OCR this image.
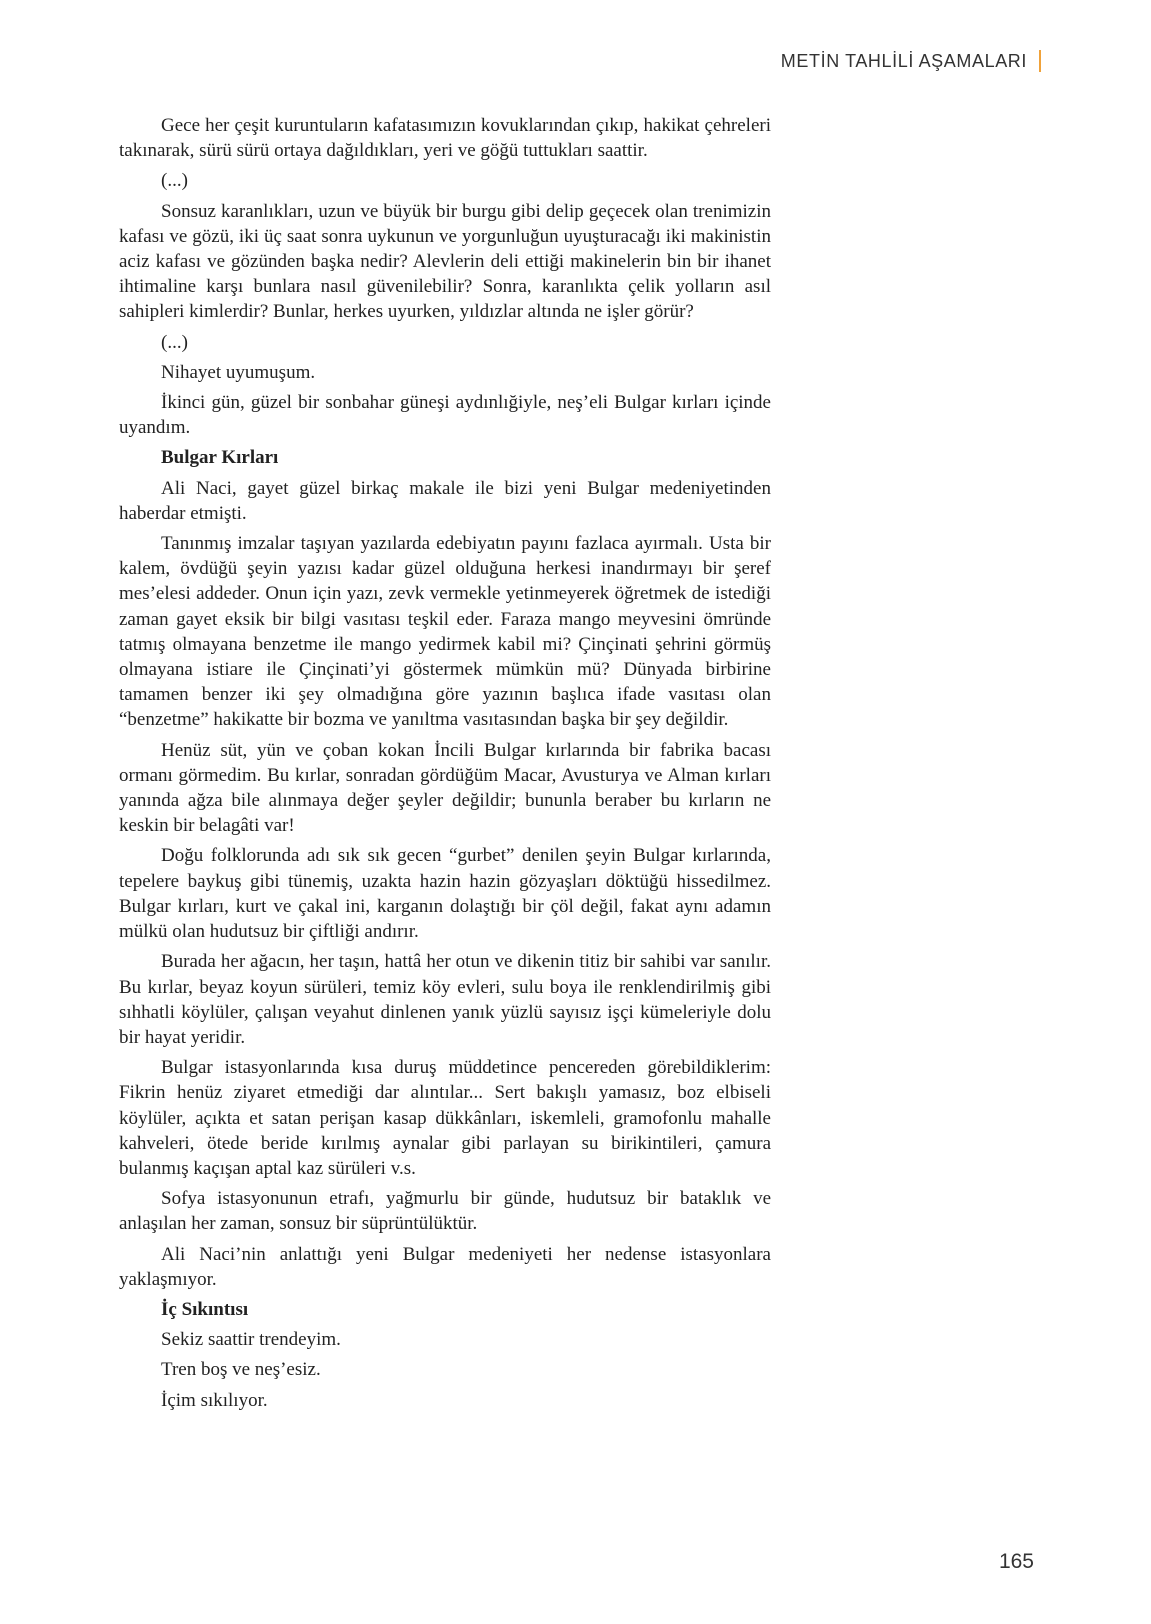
METİN TAHLİLİ AŞAMALARI

Gece her çeşit kuruntuların kafatasımızın kovuklarından çıkıp, hakikat çehreleri takınarak, sürü sürü ortaya dağıldıkları, yeri ve göğü tuttukları saattir.

(...)

Sonsuz karanlıkları, uzun ve büyük bir burgu gibi delip geçecek olan trenimizin kafası ve gözü, iki üç saat sonra uykunun ve yorgunluğun uyuşturacağı iki makinistin aciz kafası ve gözünden başka nedir? Alevlerin deli ettiği makinelerin bin bir ihanet ihtimaline karşı bunlara nasıl güvenilebilir? Sonra, karanlıkta çelik yolların asıl sahipleri kimlerdir? Bunlar, herkes uyurken, yıldızlar altında ne işler görür?

(...)

Nihayet uyumuşum.

İkinci gün, güzel bir sonbahar güneşi aydınlığiyle, neş’eli Bulgar kırları içinde uyandım.

Bulgar Kırları

Ali Naci, gayet güzel birkaç makale ile bizi yeni Bulgar medeniyetinden haberdar etmişti.

Tanınmış imzalar taşıyan yazılarda edebiyatın payını fazlaca ayırmalı. Usta bir kalem, övdüğü şeyin yazısı kadar güzel olduğuna herkesi inandırmayı bir şeref mes’elesi addeder. Onun için yazı, zevk vermekle yetinmeyerek öğretmek de istediği zaman gayet eksik bir bilgi vasıtası teşkil eder. Faraza mango meyvesini ömründe tatmış olmayana benzetme ile mango yedirmek kabil mi? Çinçinati şehrini görmüş olmayana istiare ile Çinçinati’yi göstermek mümkün mü? Dünyada birbirine tamamen benzer iki şey olmadığına göre yazının başlıca ifade vasıtası olan “benzetme” hakikatte bir bozma ve yanıltma vasıtasından başka bir şey değildir.

Henüz süt, yün ve çoban kokan İncili Bulgar kırlarında bir fabrika bacası ormanı görmedim. Bu kırlar, sonradan gördüğüm Macar, Avusturya ve Alman kırları yanında ağza bile alınmaya değer şeyler değildir; bununla beraber bu kırların ne keskin bir belagâti var!

Doğu folklorunda adı sık sık gecen “gurbet” denilen şeyin Bulgar kırlarında, tepelere baykuş gibi tünemiş, uzakta hazin hazin gözyaşları döktüğü hissedilmez. Bulgar kırları, kurt ve çakal ini, karganın dolaştığı bir çöl değil, fakat aynı adamın mülkü olan hudutsuz bir çiftliği andırır.

Burada her ağacın, her taşın, hattâ her otun ve dikenin titiz bir sahibi var sanılır. Bu kırlar, beyaz koyun sürüleri, temiz köy evleri, sulu boya ile renklendirilmiş gibi sıhhatli köylüler, çalışan veyahut dinlenen yanık yüzlü sayısız işçi kümeleriyle dolu bir hayat yeridir.

Bulgar istasyonlarında kısa duruş müddetince pencereden görebildiklerim: Fikrin henüz ziyaret etmediği dar alıntılar... Sert bakışlı yamasız, boz elbiseli köylüler, açıkta et satan perişan kasap dükkânları, iskemleli, gramofonlu mahalle kahveleri, ötede beride kırılmış aynalar gibi parlayan su birikintileri, çamura bulanmış kaçışan aptal kaz sürüleri v.s.

Sofya istasyonunun etrafı, yağmurlu bir günde, hudutsuz bir bataklık ve anlaşılan her zaman, sonsuz bir süprüntülüktür.

Ali Naci’nin anlattığı yeni Bulgar medeniyeti her nedense istasyonlara yaklaşmıyor.

İç Sıkıntısı

Sekiz saattir trendeyim.

Tren boş ve neş’esiz.

İçim sıkılıyor.

165
